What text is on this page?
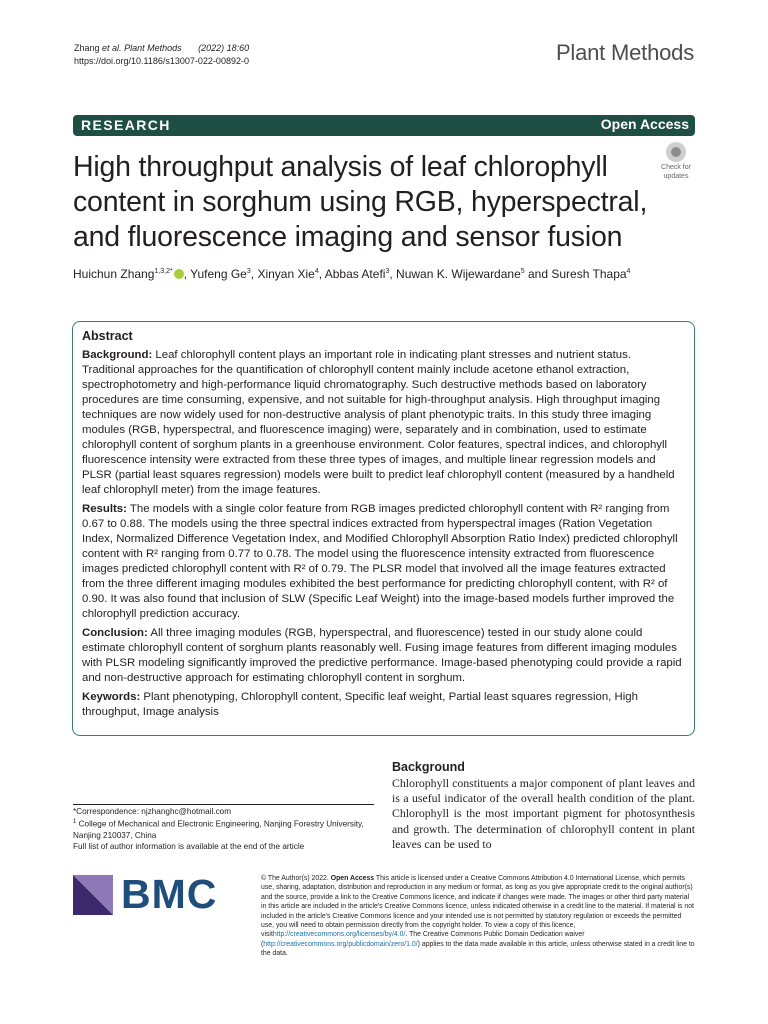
Zhang et al. Plant Methods (2022) 18:60
https://doi.org/10.1186/s13007-022-00892-0	Plant Methods
RESEARCH	Open Access
High throughput analysis of leaf chlorophyll content in sorghum using RGB, hyperspectral, and fluorescence imaging and sensor fusion
Check for
updates
Huichun Zhang$^{1,3,2*}$ , Yufeng Ge$^3$, Xinyan Xie$^4$, Abbas Atefi$^3$, Nuwan K. Wijewardane$^5$ and Suresh Thapa$^4$
Abstract

Background: Leaf chlorophyll content plays an important role in indicating plant stresses and nutrient status. Traditional approaches for the quantification of chlorophyll content mainly include acetone ethanol extraction, spectrophotometry and high-performance liquid chromatography. Such destructive methods based on laboratory procedures are time consuming, expensive, and not suitable for high-throughput analysis. High throughput imaging techniques are now widely used for non-destructive analysis of plant phenotypic traits. In this study three imaging modules (RGB, hyperspectral, and fluorescence imaging) were, separately and in combination, used to estimate chlorophyll content of sorghum plants in a greenhouse environment. Color features, spectral indices, and chlorophyll fluorescence intensity were extracted from these three types of images, and multiple linear regression models and PLSR (partial least squares regression) models were built to predict leaf chlorophyll content (measured by a handheld leaf chlorophyll meter) from the image features.

Results: The models with a single color feature from RGB images predicted chlorophyll content with R² ranging from 0.67 to 0.88. The models using the three spectral indices extracted from hyperspectral images (Ration Vegetation Index, Normalized Difference Vegetation Index, and Modified Chlorophyll Absorption Ratio Index) predicted chlorophyll content with R² ranging from 0.77 to 0.78. The model using the fluorescence intensity extracted from fluorescence images predicted chlorophyll content with R² of 0.79. The PLSR model that involved all the image features extracted from the three different imaging modules exhibited the best performance for predicting chlorophyll content, with R² of 0.90. It was also found that inclusion of SLW (Specific Leaf Weight) into the image-based models further improved the chlorophyll prediction accuracy.

Conclusion: All three imaging modules (RGB, hyperspectral, and fluorescence) tested in our study alone could estimate chlorophyll content of sorghum plants reasonably well. Fusing image features from different imaging modules with PLSR modeling significantly improved the predictive performance. Image-based phenotyping could provide a rapid and non-destructive approach for estimating chlorophyll content in sorghum.

Keywords: Plant phenotyping, Chlorophyll content, Specific leaf weight, Partial least squares regression, High throughput, Image analysis

Background
Chlorophyll constituents a major component of plant leaves and is a useful indicator of the overall health condition of the plant. Chlorophyll is the most important pigment for photosynthesis and growth. The determination of chlorophyll content in plant leaves can be used to
*Correspondence: njzhanghc@hotmail.com
$^1$ College of Mechanical and Electronic Engineering, Nanjing Forestry University, Nanjing 210037, China
Full list of author information is available at the end of the article
BMC	© The Author(s) 2022. Open Access This article is licensed under a Creative Commons Attribution 4.0 International License, which permits use, sharing, adaptation, distribution and reproduction in any medium or format, as long as you give appropriate credit to the original author(s) and the source, provide a link to the Creative Commons licence, and indicate if changes were made. The images or other third party material in this article are included in the article's Creative Commons licence, unless indicated otherwise in a credit line to the material. If material is not included in the article's Creative Commons licence and your intended use is not permitted by statutory regulation or exceeds the permitted use, you will need to obtain permission directly from the copyright holder. To view a copy of this licence, visithttp://creativecommons.org/licenses/by/4.0/. The Creative Commons Public Domain Dedication waiver (http://creativecommons.org/publicdomain/zero/1.0/) applies to the data made available in this article, unless otherwise stated in a credit line to the data.
